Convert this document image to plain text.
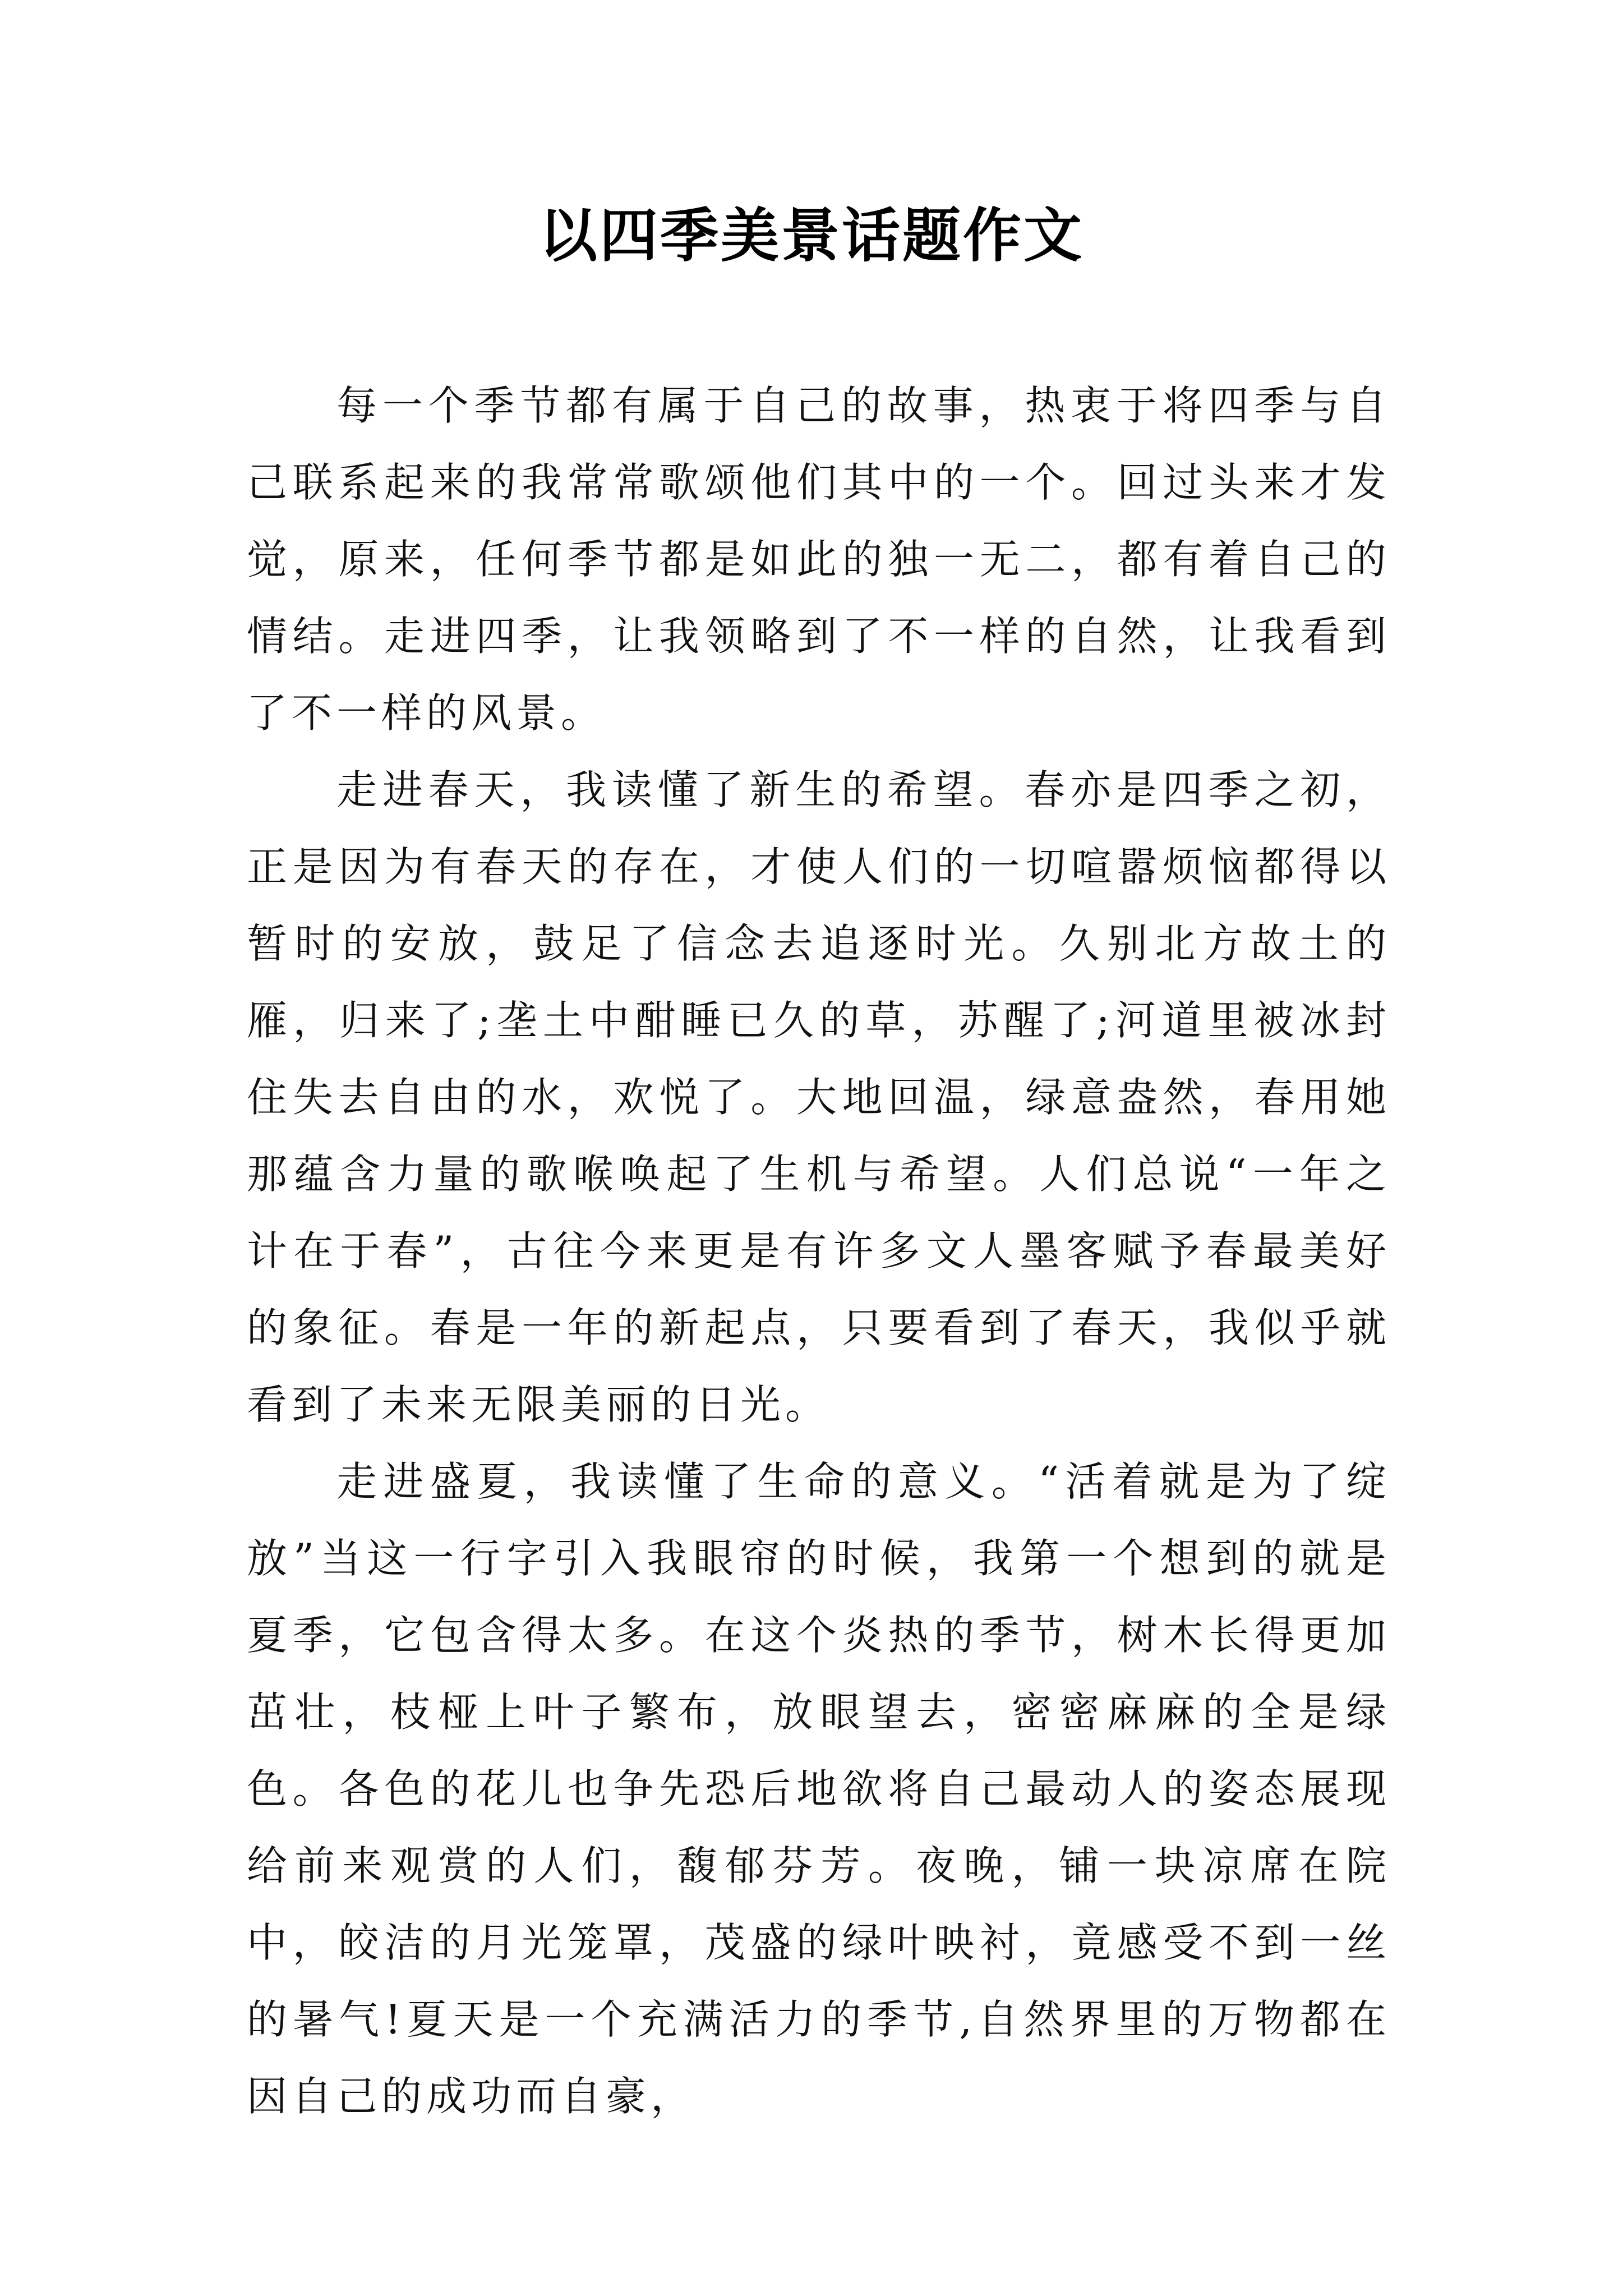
以四季美景话题作文

每一个季节都有属于自己的故事，热衷于将四季与自己联系起来的我常常歌颂他们其中的一个。回过头来才发觉，原来，任何季节都是如此的独一无二，都有着自己的情结。走进四季，让我领略到了不一样的自然，让我看到了不一样的风景。

走进春天，我读懂了新生的希望。春亦是四季之初，正是因为有春天的存在，才使人们的一切喧嚣烦恼都得以暂时的安放，鼓足了信念去追逐时光。久别北方故土的雁，归来了;垄土中酣睡已久的草，苏醒了;河道里被冰封住失去自由的水，欢悦了。大地回温，绿意盎然，春用她那蕴含力量的歌喉唤起了生机与希望。人们总说“一年之计在于春”，古往今来更是有许多文人墨客赋予春最美好的象征。春是一年的新起点，只要看到了春天，我似乎就看到了未来无限美丽的日光。

走进盛夏，我读懂了生命的意义。“活着就是为了绽放”当这一行字引入我眼帘的时候，我第一个想到的就是夏季，它包含得太多。在这个炎热的季节，树木长得更加茁壮，枝桠上叶子繁布，放眼望去，密密麻麻的全是绿色。各色的花儿也争先恐后地欲将自己最动人的姿态展现给前来观赏的人们，馥郁芬芳。夜晚，铺一块凉席在院中，皎洁的月光笼罩，茂盛的绿叶映衬，竟感受不到一丝的暑气!夏天是一个充满活力的季节,自然界里的万物都在因自己的成功而自豪，
